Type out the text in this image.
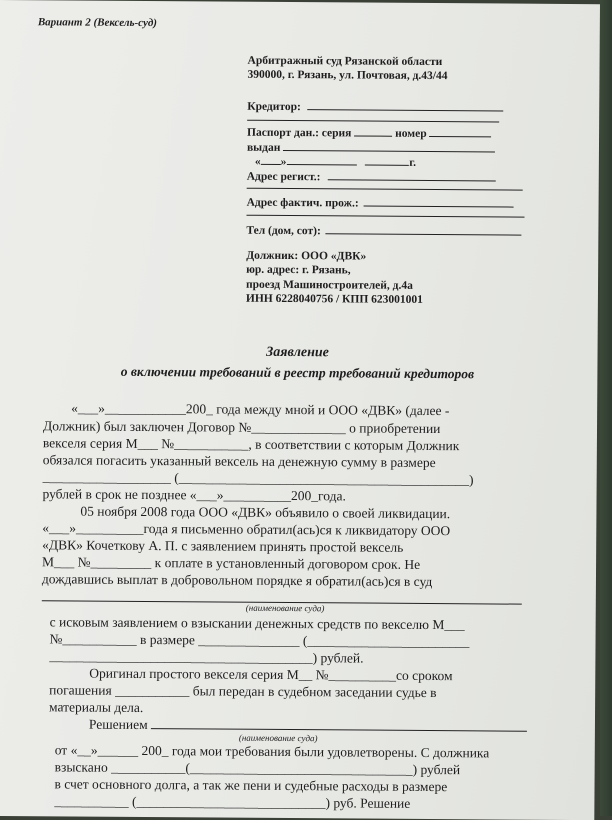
Вариант 2 (Вексель-суд)
Арбитражный суд Рязанской области
390000, г. Рязань, ул. Почтовая, д.43/44
Кредитор:
Паспорт дан.: серия	номер
выдан
« »	г.
Адрес регист.:
Адрес фактич. прож.:
Тел (дом, сот):
Должник: ООО «ДВК»
юр. адрес: г. Рязань,
проезд Машиностроителей, д.4а
ИНН 6228040756 / КПП 623001001
Заявление
о включении требований в реестр требований кредиторов
«___»____________200_ года между мной и ООО «ДВК» (далее -
Должник) был заключен Договор №______________ о приобретении
векселя серия М___ №___________, в соответствии с которым Должник
обязался погасить указанный вексель на денежную сумму в размере
___________________ (___________________________________________)
рублей в срок не позднее «___»__________200_года.
05 ноября 2008 года ООО «ДВК» объявило о своей ликвидации.
«___»__________года я письменно обратил(ась)ся к ликвидатору ООО
«ДВК» Кочеткову А. П. с заявлением принять простой вексель
М___ №_________ к оплате в установленный договором срок. Не
дождавшись выплат в добровольном порядке я обратил(ась)ся в суд
(наименование суда)
с исковым заявлением о взыскании денежных средств по векселю М___
№___________ в размере _______________ (________________________
_______________________________________) рублей.
Оригинал простого векселя серия М__ №__________со сроком
погашения ___________ был передан в судебном заседании судье в
материалы дела.
Решением
(наименование суда)
от «__»______ 200_ года мои требования были удовлетворены. С должника
взыскано ___________(_________________________________) рублей
в счет основного долга, а так же пени и судебные расходы в размере
___________ (____________________________) руб. Решение
